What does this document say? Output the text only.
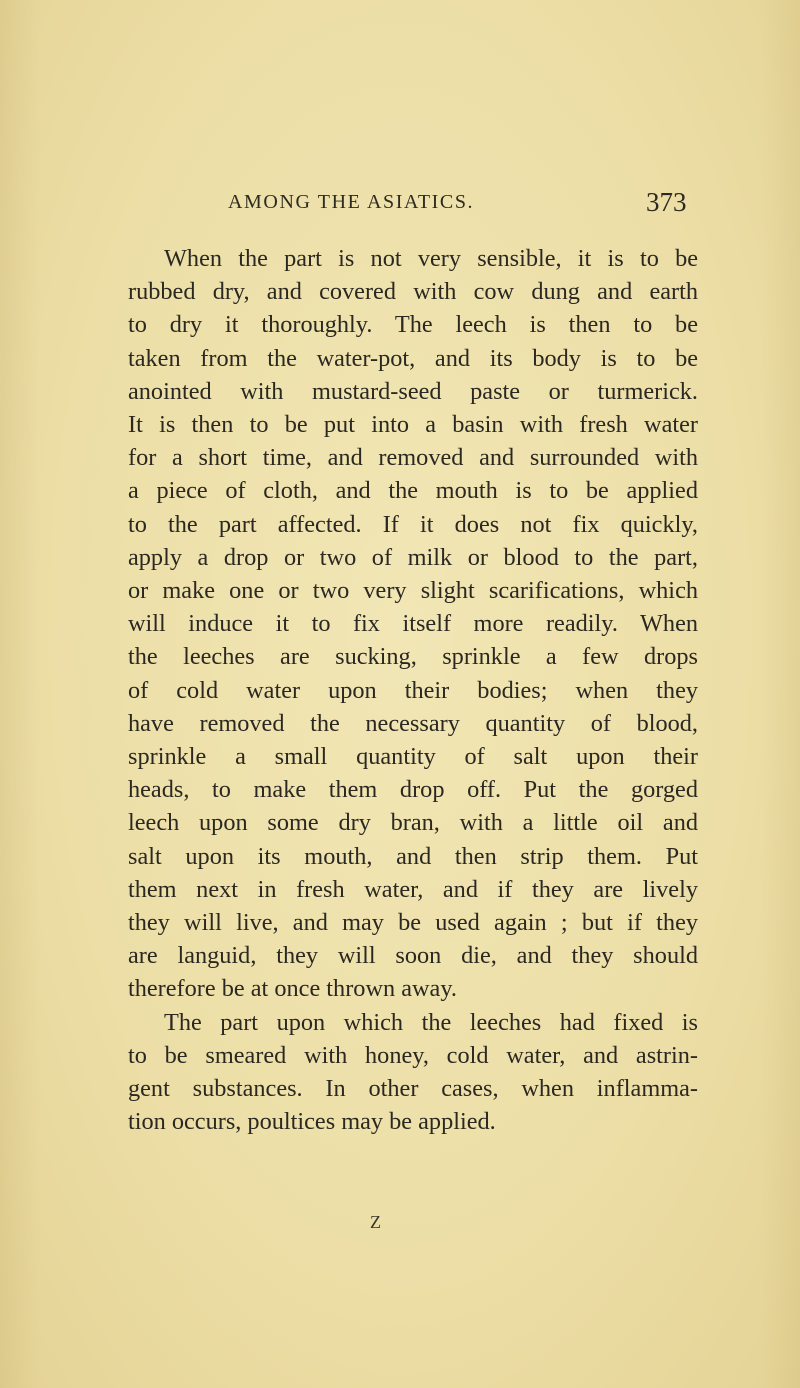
AMONG THE ASIATICS.	373
When the part is not very sensible, it is to be
rubbed dry, and covered with cow dung and earth
to dry it thoroughly. The leech is then to be
taken from the water-pot, and its body is to be
anointed with mustard-seed paste or turmerick.
It is then to be put into a basin with fresh water
for a short time, and removed and surrounded with
a piece of cloth, and the mouth is to be applied
to the part affected. If it does not fix quickly,
apply a drop or two of milk or blood to the part,
or make one or two very slight scarifications, which
will induce it to fix itself more readily. When
the leeches are sucking, sprinkle a few drops
of cold water upon their bodies; when they
have removed the necessary quantity of blood,
sprinkle a small quantity of salt upon their
heads, to make them drop off. Put the gorged
leech upon some dry bran, with a little oil and
salt upon its mouth, and then strip them. Put
them next in fresh water, and if they are lively
they will live, and may be used again ; but if they
are languid, they will soon die, and they should
therefore be at once thrown away.
The part upon which the leeches had fixed is
to be smeared with honey, cold water, and astrin-
gent substances. In other cases, when inflamma-
tion occurs, poultices may be applied.
Z
